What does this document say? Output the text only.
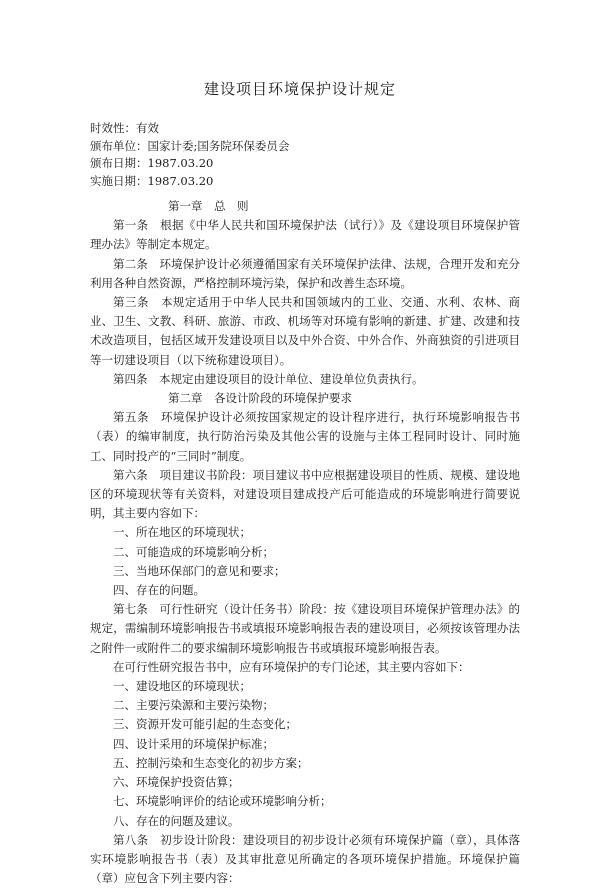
建设项目环境保护设计规定
时效性：有效
颁布单位：国家计委;国务院环保委员会
颁布日期：1987.03.20
实施日期：1987.03.20

第一章　总　则

第一条　根据《中华人民共和国环境保护法（试行）》及《建设项目环境保护管理办法》等制定本规定。

第二条　环境保护设计必须遵循国家有关环境保护法律、法规，合理开发和充分利用各种自然资源，严格控制环境污染，保护和改善生态环境。

第三条　本规定适用于中华人民共和国领域内的工业、交通、水利、农林、商业、卫生、文教、科研、旅游、市政、机场等对环境有影响的新建、扩建、改建和技术改造项目，包括区域开发建设项目以及中外合资、中外合作、外商独资的引进项目等一切建设项目（以下统称建设项目）。

第四条　本规定由建设项目的设计单位、建设单位负责执行。

第二章　各设计阶段的环境保护要求

第五条　环境保护设计必须按国家规定的设计程序进行，执行环境影响报告书（表）的编审制度，执行防治污染及其他公害的设施与主体工程同时设计、同时施工、同时投产的“三同时”制度。

第六条　项目建议书阶段：项目建议书中应根据建设项目的性质、规模、建设地区的环境现状等有关资料，对建设项目建成投产后可能造成的环境影响进行简要说明，其主要内容如下：

一、所在地区的环境现状；

二、可能造成的环境影响分析；

三、当地环保部门的意见和要求；

四、存在的问题。

第七条　可行性研究（设计任务书）阶段：按《建设项目环境保护管理办法》的规定，需编制环境影响报告书或填报环境影响报告表的建设项目，必须按该管理办法之附件一或附件二的要求编制环境影响报告书或填报环境影响报告表。

在可行性研究报告书中，应有环境保护的专门论述，其主要内容如下：

一、建设地区的环境现状；

二、主要污染源和主要污染物；

三、资源开发可能引起的生态变化；

四、设计采用的环境保护标准；

五、控制污染和生态变化的初步方案；

六、环境保护投资估算；

七、环境影响评价的结论或环境影响分析；

八、存在的问题及建议。

第八条　初步设计阶段：建设项目的初步设计必须有环境保护篇（章），具体落实环境影响报告书（表）及其审批意见所确定的各项环境保护措施。环境保护篇（章）应包含下列主要内容：
